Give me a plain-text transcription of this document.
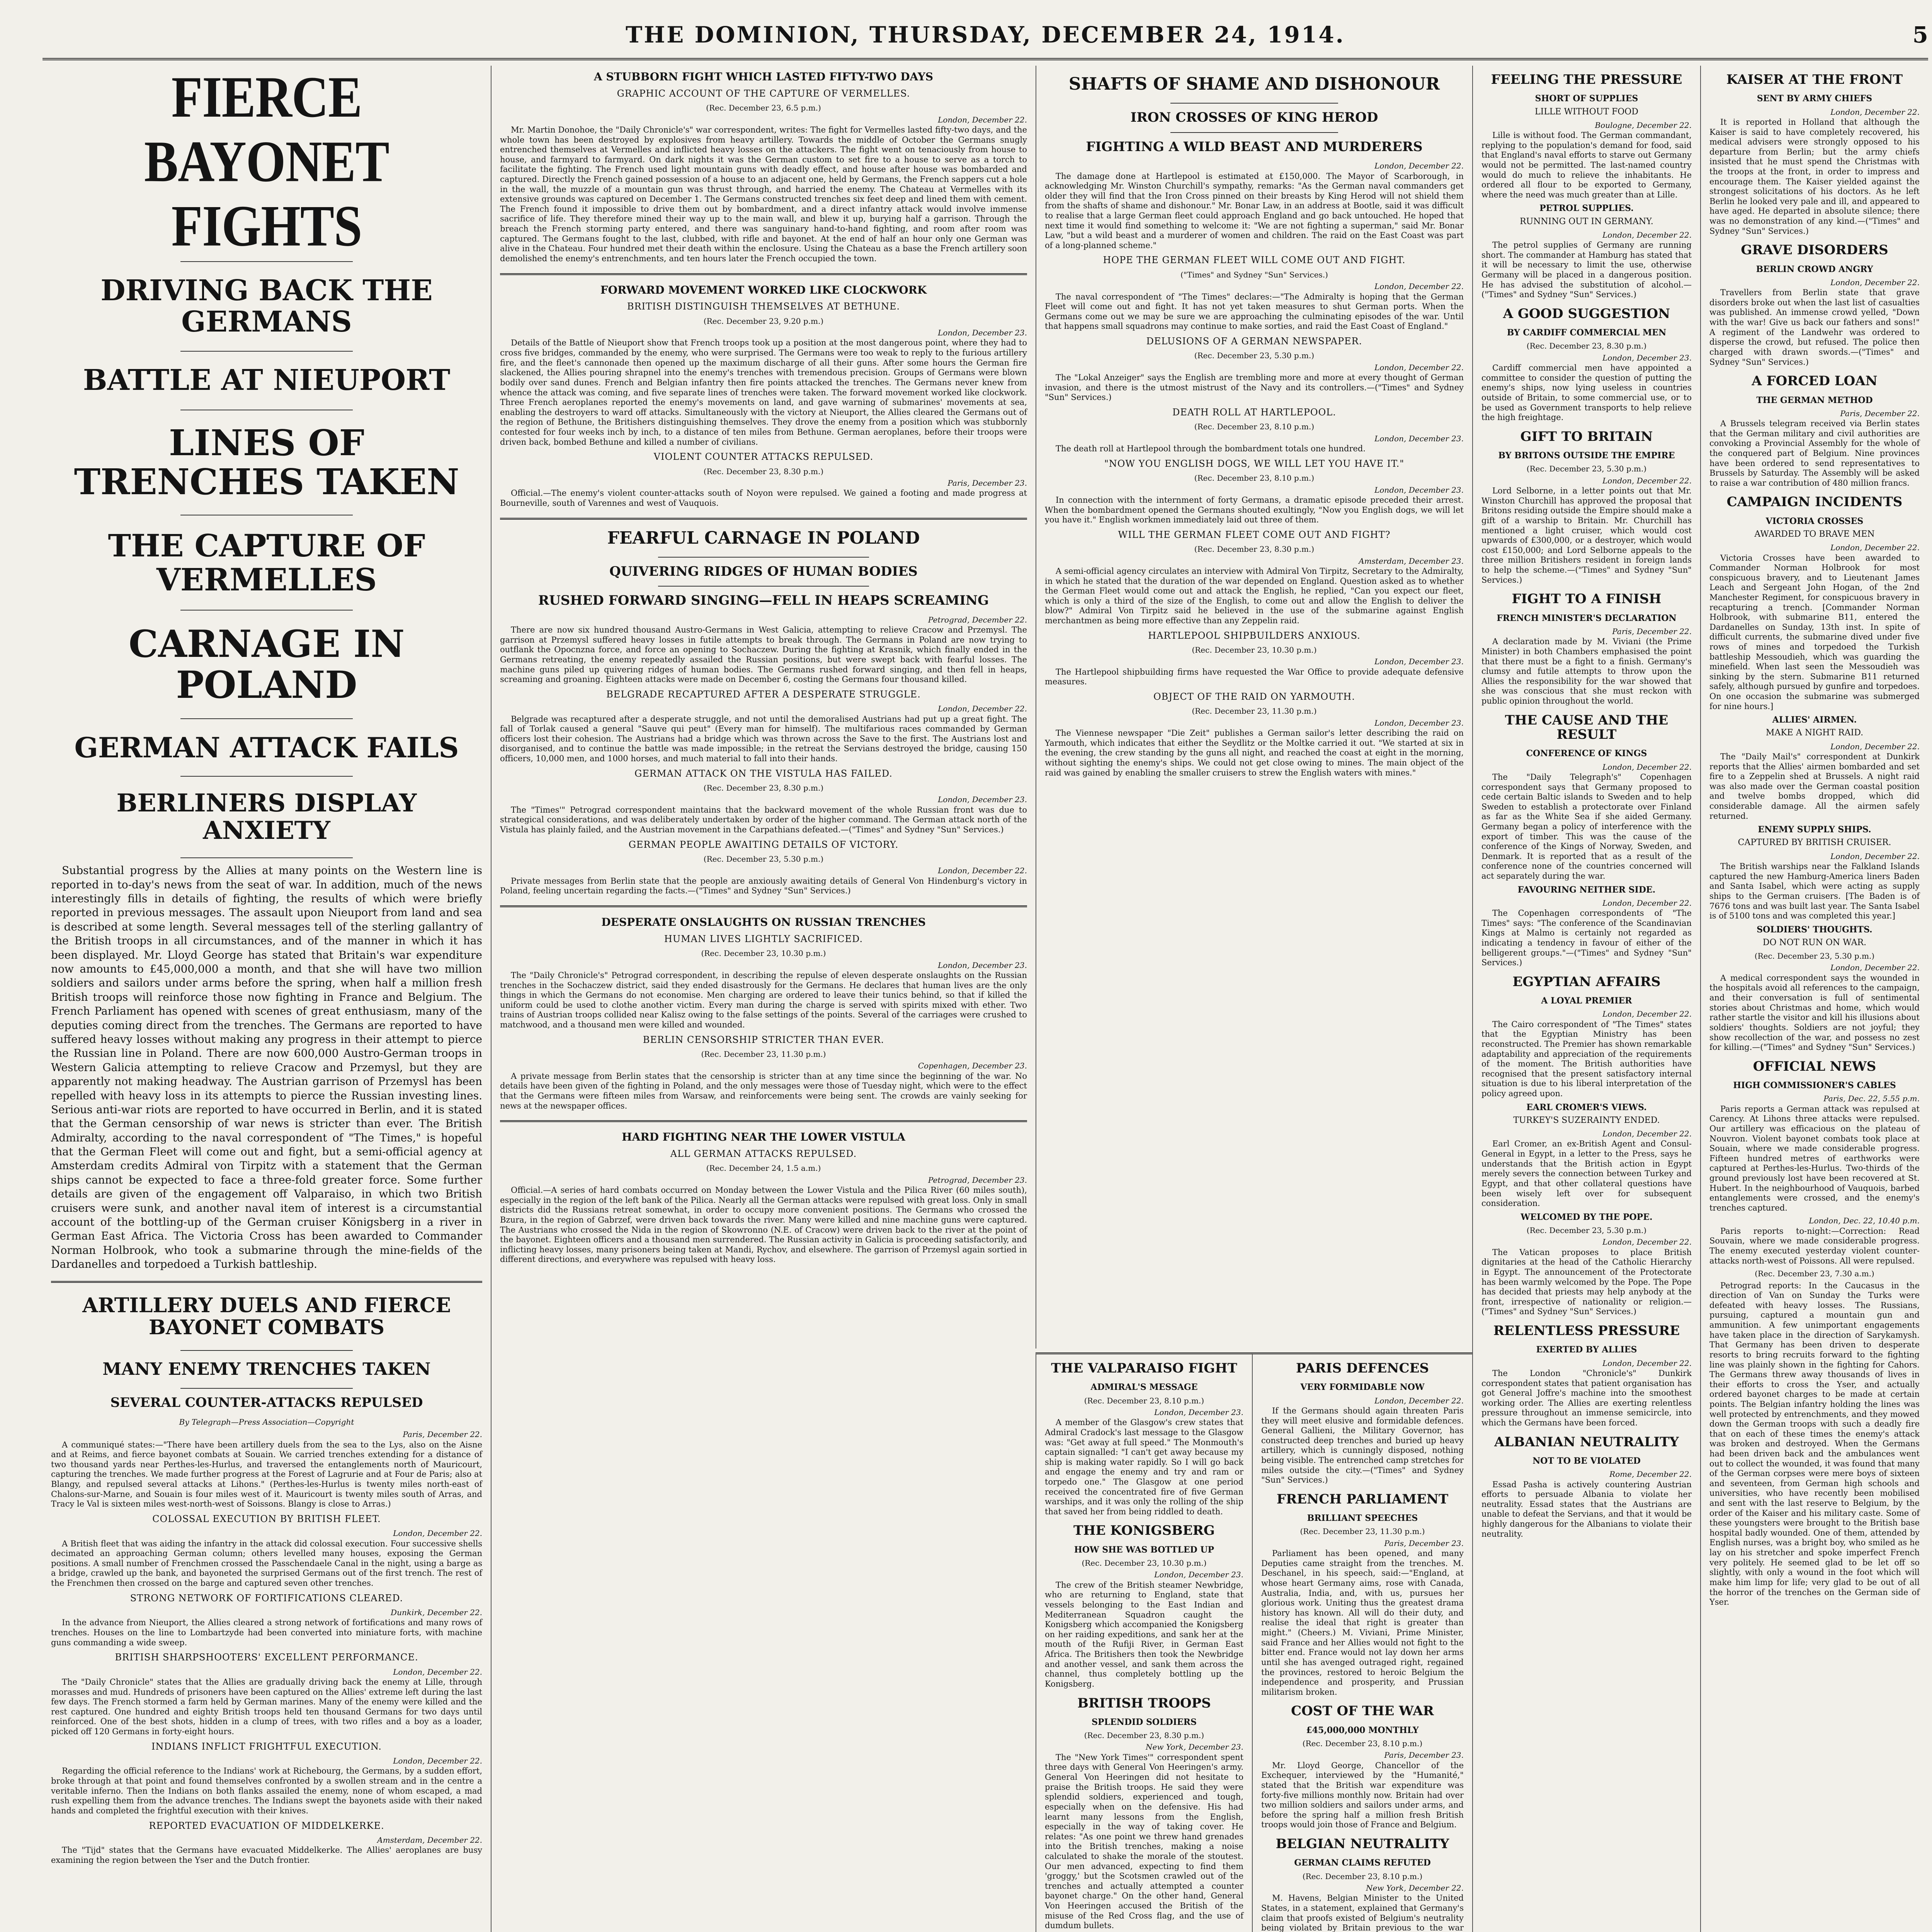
THE DOMINION, THURSDAY, DECEMBER 24, 1914.	5
FIERCE BAYONET FIGHTS
DRIVING BACK THE GERMANS
BATTLE AT NIEUPORT
LINES OF TRENCHES TAKEN
THE CAPTURE OF VERMELLES
CARNAGE IN POLAND
GERMAN ATTACK FAILS
BERLINERS DISPLAY ANXIETY

Substantial progress by the Allies at many points on the Western line is reported in to-day's news from the seat of war. In addition, much of the news interestingly fills in details of fighting, the results of which were briefly reported in previous messages. The assault upon Nieuport from land and sea is described at some length. Several messages tell of the sterling gallantry of the British troops in all circumstances, and of the manner in which it has been displayed. Mr. Lloyd George has stated that Britain's war expenditure now amounts to £45,000,000 a month, and that she will have two million soldiers and sailors under arms before the spring, when half a million fresh British troops will reinforce those now fighting in France and Belgium. The French Parliament has opened with scenes of great enthusiasm, many of the deputies coming direct from the trenches. The Germans are reported to have suffered heavy losses without making any progress in their attempt to pierce the Russian line in Poland. There are now 600,000 Austro-German troops in Western Galicia attempting to relieve Cracow and Przemysl, but they are apparently not making headway. The Austrian garrison of Przemysl has been repelled with heavy loss in its attempts to pierce the Russian investing lines. Serious anti-war riots are reported to have occurred in Berlin, and it is stated that the German censorship of war news is stricter than ever. The British Admiralty, according to the naval correspondent of "The Times," is hopeful that the German Fleet will come out and fight, but a semi-official agency at Amsterdam credits Admiral von Tirpitz with a statement that the German ships cannot be expected to face a three-fold greater force. Some further details are given of the engagement off Valparaiso, in which two British cruisers were sunk, and another naval item of interest is a circumstantial account of the bottling-up of the German cruiser Königsberg in a river in German East Africa. The Victoria Cross has been awarded to Commander Norman Holbrook, who took a submarine through the mine-fields of the Dardanelles and torpedoed a Turkish battleship.

ARTILLERY DUELS AND FIERCE BAYONET COMBATS
MANY ENEMY TRENCHES TAKEN
SEVERAL COUNTER-ATTACKS REPULSED
By Telegraph—Press Association—Copyright
Paris, December 22.

A communiqué states:—"There have been artillery duels from the sea to the Lys, also on the Aisne and at Reims, and fierce bayonet combats at Souain. We carried trenches extending for a distance of two thousand yards near Perthes-les-Hurlus, and traversed the entanglements north of Mauricourt, capturing the trenches. We made further progress at the Forest of Lagrurie and at Four de Paris; also at Blangy, and repulsed several attacks at Lihons." (Perthes-les-Hurlus is twenty miles north-east of Chalons-sur-Marne, and Souain is four miles west of it. Mauricourt is twenty miles south of Arras, and Tracy le Val is sixteen miles west-north-west of Soissons. Blangy is close to Arras.)

COLOSSAL EXECUTION BY BRITISH FLEET.
London, December 22.

A British fleet that was aiding the infantry in the attack did colossal execution. Four successive shells decimated an approaching German column; others levelled many houses, exposing the German positions. A small number of Frenchmen crossed the Passchendaele Canal in the night, using a barge as a bridge, crawled up the bank, and bayoneted the surprised Germans out of the first trench. The rest of the Frenchmen then crossed on the barge and captured seven other trenches.

STRONG NETWORK OF FORTIFICATIONS CLEARED.
Dunkirk, December 22.

In the advance from Nieuport, the Allies cleared a strong network of fortifications and many rows of trenches. Houses on the line to Lombartzyde had been converted into miniature forts, with machine guns commanding a wide sweep.

BRITISH SHARPSHOOTERS' EXCELLENT PERFORMANCE.
London, December 22.

The "Daily Chronicle" states that the Allies are gradually driving back the enemy at Lille, through morasses and mud. Hundreds of prisoners have been captured on the Allies' extreme left during the last few days. The French stormed a farm held by German marines. Many of the enemy were killed and the rest captured. One hundred and eighty British troops held ten thousand Germans for two days until reinforced. One of the best shots, hidden in a clump of trees, with two rifles and a boy as a loader, picked off 120 Germans in forty-eight hours.

INDIANS INFLICT FRIGHTFUL EXECUTION.
London, December 22.

Regarding the official reference to the Indians' work at Richebourg, the Germans, by a sudden effort, broke through at that point and found themselves confronted by a swollen stream and in the centre a veritable inferno. Then the Indians on both flanks assailed the enemy, none of whom escaped, a mad rush expelling them from the advance trenches. The Indians swept the bayonets aside with their naked hands and completed the frightful execution with their knives.

REPORTED EVACUATION OF MIDDELKERKE.
Amsterdam, December 22.

The "Tijd" states that the Germans have evacuated Middelkerke. The Allies' aeroplanes are busy examining the region between the Yser and the Dutch frontier.

A STUBBORN FIGHT WHICH LASTED FIFTY-TWO DAYS
GRAPHIC ACCOUNT OF THE CAPTURE OF VERMELLES.
(Rec. December 23, 6.5 p.m.)
London, December 22.

Mr. Martin Donohoe, the "Daily Chronicle's" war correspondent, writes: The fight for Vermelles lasted fifty-two days, and the whole town has been destroyed by explosives from heavy artillery. Towards the middle of October the Germans snugly entrenched themselves at Vermelles and inflicted heavy losses on the attackers. The fight went on tenaciously from house to house, and farmyard to farmyard. On dark nights it was the German custom to set fire to a house to serve as a torch to facilitate the fighting. The French used light mountain guns with deadly effect, and house after house was bombarded and captured. Directly the French gained possession of a house to an adjacent one, held by Germans, the French sappers cut a hole in the wall, the muzzle of a mountain gun was thrust through, and harried the enemy. The Chateau at Vermelles with its extensive grounds was captured on December 1. The Germans constructed trenches six feet deep and lined them with cement. The French found it impossible to drive them out by bombardment, and a direct infantry attack would involve immense sacrifice of life. They therefore mined their way up to the main wall, and blew it up, burying half a garrison. Through the breach the French storming party entered, and there was sanguinary hand-to-hand fighting, and room after room was captured. The Germans fought to the last, clubbed, with rifle and bayonet. At the end of half an hour only one German was alive in the Chateau. Four hundred met their death within the enclosure. Using the Chateau as a base the French artillery soon demolished the enemy's entrenchments, and ten hours later the French occupied the town.

FORWARD MOVEMENT WORKED LIKE CLOCKWORK
BRITISH DISTINGUISH THEMSELVES AT BETHUNE.
(Rec. December 23, 9.20 p.m.)
London, December 23.

Details of the Battle of Nieuport show that French troops took up a position at the most dangerous point, where they had to cross five bridges, commanded by the enemy, who were surprised. The Germans were too weak to reply to the furious artillery fire, and the fleet's cannonade then opened up the maximum discharge of all their guns. After some hours the German fire slackened, the Allies pouring shrapnel into the enemy's trenches with tremendous precision. Groups of Germans were blown bodily over sand dunes. French and Belgian infantry then fire points attacked the trenches. The Germans never knew from whence the attack was coming, and five separate lines of trenches were taken. The forward movement worked like clockwork. Three French aeroplanes reported the enemy's movements on land, and gave warning of submarines' movements at sea, enabling the destroyers to ward off attacks. Simultaneously with the victory at Nieuport, the Allies cleared the Germans out of the region of Bethune, the Britishers distinguishing themselves. They drove the enemy from a position which was stubbornly contested for four weeks inch by inch, to a distance of ten miles from Bethune. German aeroplanes, before their troops were driven back, bombed Bethune and killed a number of civilians.

VIOLENT COUNTER ATTACKS REPULSED.
(Rec. December 23, 8.30 p.m.)
Paris, December 23.

Official.—The enemy's violent counter-attacks south of Noyon were repulsed. We gained a footing and made progress at Bourneville, south of Varennes and west of Vauquois.

FEARFUL CARNAGE IN POLAND
QUIVERING RIDGES OF HUMAN BODIES
RUSHED FORWARD SINGING—FELL IN HEAPS SCREAMING
Petrograd, December 22.

There are now six hundred thousand Austro-Germans in West Galicia, attempting to relieve Cracow and Przemysl. The garrison at Przemysl suffered heavy losses in futile attempts to break through. The Germans in Poland are now trying to outflank the Opocnzna force, and force an opening to Sochaczew. During the fighting at Krasnik, which finally ended in the Germans retreating, the enemy repeatedly assailed the Russian positions, but were swept back with fearful losses. The machine guns piled up quivering ridges of human bodies. The Germans rushed forward singing, and then fell in heaps, screaming and groaning. Eighteen attacks were made on December 6, costing the Germans four thousand killed.

BELGRADE RECAPTURED AFTER A DESPERATE STRUGGLE.
London, December 22.

Belgrade was recaptured after a desperate struggle, and not until the demoralised Austrians had put up a great fight. The fall of Torlak caused a general "Sauve qui peut" (Every man for himself). The multifarious races commanded by German officers lost their cohesion. The Austrians had a bridge which was thrown across the Save to the first. The Austrians lost and disorganised, and to continue the battle was made impossible; in the retreat the Servians destroyed the bridge, causing 150 officers, 10,000 men, and 1000 horses, and much material to fall into their hands.

GERMAN ATTACK ON THE VISTULA HAS FAILED.
(Rec. December 23, 8.30 p.m.)
London, December 23.

The "Times'" Petrograd correspondent maintains that the backward movement of the whole Russian front was due to strategical considerations, and was deliberately undertaken by order of the higher command. The German attack north of the Vistula has plainly failed, and the Austrian movement in the Carpathians defeated.—("Times" and Sydney "Sun" Services.)

GERMAN PEOPLE AWAITING DETAILS OF VICTORY.
(Rec. December 23, 5.30 p.m.)
London, December 22.

Private messages from Berlin state that the people are anxiously awaiting details of General Von Hindenburg's victory in Poland, feeling uncertain regarding the facts.—("Times" and Sydney "Sun" Services.)

DESPERATE ONSLAUGHTS ON RUSSIAN TRENCHES
HUMAN LIVES LIGHTLY SACRIFICED.
(Rec. December 23, 10.30 p.m.)
London, December 23.

The "Daily Chronicle's" Petrograd correspondent, in describing the repulse of eleven desperate onslaughts on the Russian trenches in the Sochaczew district, said they ended disastrously for the Germans. He declares that human lives are the only things in which the Germans do not economise. Men charging are ordered to leave their tunics behind, so that if killed the uniform could be used to clothe another victim. Every man during the charge is served with spirits mixed with ether. Two trains of Austrian troops collided near Kalisz owing to the false settings of the points. Several of the carriages were crushed to matchwood, and a thousand men were killed and wounded.

BERLIN CENSORSHIP STRICTER THAN EVER.
(Rec. December 23, 11.30 p.m.)
Copenhagen, December 23.

A private message from Berlin states that the censorship is stricter than at any time since the beginning of the war. No details have been given of the fighting in Poland, and the only messages were those of Tuesday night, which were to the effect that the Germans were fifteen miles from Warsaw, and reinforcements were being sent. The crowds are vainly seeking for news at the newspaper offices.

HARD FIGHTING NEAR THE LOWER VISTULA
ALL GERMAN ATTACKS REPULSED.
(Rec. December 24, 1.5 a.m.)
Petrograd, December 23.

Official.—A series of hard combats occurred on Monday between the Lower Vistula and the Pilica River (60 miles south), especially in the region of the left bank of the Pilica. Nearly all the German attacks were repulsed with great loss. Only in small districts did the Russians retreat somewhat, in order to occupy more convenient positions. The Germans who crossed the Bzura, in the region of Gabrzef, were driven back towards the river. Many were killed and nine machine guns were captured. The Austrians who crossed the Nida in the region of Skowronno (N.E. of Cracow) were driven back to the river at the point of the bayonet. Eighteen officers and a thousand men surrendered. The Russian activity in Galicia is proceeding satisfactorily, and inflicting heavy losses, many prisoners being taken at Mandi, Rychov, and elsewhere. The garrison of Przemysl again sortied in different directions, and everywhere was repulsed with heavy loss.

SHAFTS OF SHAME AND DISHONOUR
IRON CROSSES OF KING HEROD
FIGHTING A WILD BEAST AND MURDERERS
London, December 22.

The damage done at Hartlepool is estimated at £150,000. The Mayor of Scarborough, in acknowledging Mr. Winston Churchill's sympathy, remarks: "As the German naval commanders get older they will find that the Iron Cross pinned on their breasts by King Herod will not shield them from the shafts of shame and dishonour." Mr. Bonar Law, in an address at Bootle, said it was difficult to realise that a large German fleet could approach England and go back untouched. He hoped that next time it would find something to welcome it: "We are not fighting a superman," said Mr. Bonar Law, "but a wild beast and a murderer of women and children. The raid on the East Coast was part of a long-planned scheme."

HOPE THE GERMAN FLEET WILL COME OUT AND FIGHT.
("Times" and Sydney "Sun" Services.)
London, December 22.

The naval correspondent of "The Times" declares:—"The Admiralty is hoping that the German Fleet will come out and fight. It has not yet taken measures to shut German ports. When the Germans come out we may be sure we are approaching the culminating episodes of the war. Until that happens small squadrons may continue to make sorties, and raid the East Coast of England."

DELUSIONS OF A GERMAN NEWSPAPER.
(Rec. December 23, 5.30 p.m.)
London, December 22.

The "Lokal Anzeiger" says the English are trembling more and more at every thought of German invasion, and there is the utmost mistrust of the Navy and its controllers.—("Times" and Sydney "Sun" Services.)

DEATH ROLL AT HARTLEPOOL.
(Rec. December 23, 8.10 p.m.)
London, December 23.

The death roll at Hartlepool through the bombardment totals one hundred.

"NOW YOU ENGLISH DOGS, WE WILL LET YOU HAVE IT."
(Rec. December 23, 8.10 p.m.)
London, December 23.

In connection with the internment of forty Germans, a dramatic episode preceded their arrest. When the bombardment opened the Germans shouted exultingly, "Now you English dogs, we will let you have it." English workmen immediately laid out three of them.

WILL THE GERMAN FLEET COME OUT AND FIGHT?
(Rec. December 23, 8.30 p.m.)
Amsterdam, December 23.

A semi-official agency circulates an interview with Admiral Von Tirpitz, Secretary to the Admiralty, in which he stated that the duration of the war depended on England. Question asked as to whether the German Fleet would come out and attack the English, he replied, "Can you expect our fleet, which is only a third of the size of the English, to come out and allow the English to deliver the blow?" Admiral Von Tirpitz said he believed in the use of the submarine against English merchantmen as being more effective than any Zeppelin raid.

HARTLEPOOL SHIPBUILDERS ANXIOUS.
(Rec. December 23, 10.30 p.m.)
London, December 23.

The Hartlepool shipbuilding firms have requested the War Office to provide adequate defensive measures.

OBJECT OF THE RAID ON YARMOUTH.
(Rec. December 23, 11.30 p.m.)
London, December 23.

The Viennese newspaper "Die Zeit" publishes a German sailor's letter describing the raid on Yarmouth, which indicates that either the Seydlitz or the Moltke carried it out. "We started at six in the evening, the crew standing by the guns all night, and reached the coast at eight in the morning, without sighting the enemy's ships. We could not get close owing to mines. The main object of the raid was gained by enabling the smaller cruisers to strew the English waters with mines."

THE VALPARAISO FIGHT
ADMIRAL'S MESSAGE
(Rec. December 23, 8.10 p.m.)
London, December 23.

A member of the Glasgow's crew states that Admiral Cradock's last message to the Glasgow was: "Get away at full speed." The Monmouth's captain signalled: "I can't get away because my ship is making water rapidly. So I will go back and engage the enemy and try and ram or torpedo one." The Glasgow at one period received the concentrated fire of five German warships, and it was only the rolling of the ship that saved her from being riddled to death.

THE KONIGSBERG
HOW SHE WAS BOTTLED UP
(Rec. December 23, 10.30 p.m.)
London, December 23.

The crew of the British steamer Newbridge, who are returning to England, state that vessels belonging to the East Indian and Mediterranean Squadron caught the Konigsberg which accompanied the Konigsberg on her raiding expeditions, and sank her at the mouth of the Rufiji River, in German East Africa. The Britishers then took the Newbridge and another vessel, and sank them across the channel, thus completely bottling up the Konigsberg.

BRITISH TROOPS
SPLENDID SOLDIERS
(Rec. December 23, 8.30 p.m.)
New York, December 23.

The "New York Times'" correspondent spent three days with General Von Heeringen's army. General Von Heeringen did not hesitate to praise the British troops. He said they were splendid soldiers, experienced and tough, especially when on the defensive. His had learnt many lessons from the English, especially in the way of taking cover. He relates: "As one point we threw hand grenades into the British trenches, making a noise calculated to shake the morale of the stoutest. Our men advanced, expecting to find them 'groggy,' but the Scotsmen crawled out of the trenches and actually attempted a counter bayonet charge." On the other hand, General Von Heeringen accused the British of the misuse of the Red Cross flag, and the use of dumdum bullets.

PARIS DEFENCES
VERY FORMIDABLE NOW
London, December 22.

If the Germans should again threaten Paris they will meet elusive and formidable defences. General Gallieni, the Military Governor, has constructed deep trenches and buried up heavy artillery, which is cunningly disposed, nothing being visible. The entrenched camp stretches for miles outside the city.—("Times" and Sydney "Sun" Services.)

FRENCH PARLIAMENT
BRILLIANT SPEECHES
(Rec. December 23, 11.30 p.m.)
Paris, December 23.

Parliament has been opened, and many Deputies came straight from the trenches. M. Deschanel, in his speech, said:—"England, at whose heart Germany aims, rose with Canada, Australia, India, and, with us, pursues her glorious work. Uniting thus the greatest drama history has known. All will do their duty, and realise the ideal that right is greater than might." (Cheers.) M. Viviani, Prime Minister, said France and her Allies would not fight to the bitter end. France would not lay down her arms until she has avenged outraged right, regained the provinces, restored to heroic Belgium the independence and prosperity, and Prussian militarism broken.

COST OF THE WAR
£45,000,000 MONTHLY
(Rec. December 23, 8.10 p.m.)
Paris, December 23.

Mr. Lloyd George, Chancellor of the Exchequer, interviewed by the "Humanité," stated that the British war expenditure was forty-five millions monthly now. Britain had over two million soldiers and sailors under arms, and before the spring half a million fresh British troops would join those of France and Belgium.

BELGIAN NEUTRALITY
GERMAN CLAIMS REFUTED
(Rec. December 23, 8.10 p.m.)
New York, December 22.

M. Havens, Belgian Minister to the United States, in a statement, explained that Germany's claim that proofs existed of Belgium's neutrality being violated by Britain previous to the war

FEELING THE PRESSURE
SHORT OF SUPPLIES
LILLE WITHOUT FOOD
Boulogne, December 22.

Lille is without food. The German commandant, replying to the population's demand for food, said that England's naval efforts to starve out Germany would not be permitted. The last-named country would do much to relieve the inhabitants. He ordered all flour to be exported to Germany, where the need was much greater than at Lille.

PETROL SUPPLIES.
RUNNING OUT IN GERMANY.
London, December 22.

The petrol supplies of Germany are running short. The commander at Hamburg has stated that it will be necessary to limit the use, otherwise Germany will be placed in a dangerous position. He has advised the substitution of alcohol.—("Times" and Sydney "Sun" Services.)

A GOOD SUGGESTION
BY CARDIFF COMMERCIAL MEN
(Rec. December 23, 8.30 p.m.)
London, December 23.

Cardiff commercial men have appointed a committee to consider the question of putting the enemy's ships, now lying useless in countries outside of Britain, to some commercial use, or to be used as Government transports to help relieve the high freightage.

GIFT TO BRITAIN
BY BRITONS OUTSIDE THE EMPIRE
(Rec. December 23, 5.30 p.m.)
London, December 22.

Lord Selborne, in a letter points out that Mr. Winston Churchill has approved the proposal that Britons residing outside the Empire should make a gift of a warship to Britain. Mr. Churchill has mentioned a light cruiser, which would cost upwards of £300,000, or a destroyer, which would cost £150,000; and Lord Selborne appeals to the three million Britishers resident in foreign lands to help the scheme.—("Times" and Sydney "Sun" Services.)

FIGHT TO A FINISH
FRENCH MINISTER'S DECLARATION
Paris, December 22.

A declaration made by M. Viviani (the Prime Minister) in both Chambers emphasised the point that there must be a fight to a finish. Germany's clumsy and futile attempts to throw upon the Allies the responsibility for the war showed that she was conscious that she must reckon with public opinion throughout the world.

THE CAUSE AND THE RESULT
CONFERENCE OF KINGS
London, December 22.

The "Daily Telegraph's" Copenhagen correspondent says that Germany proposed to cede certain Baltic islands to Sweden and to help Sweden to establish a protectorate over Finland as far as the White Sea if she aided Germany. Germany began a policy of interference with the export of timber. This was the cause of the conference of the Kings of Norway, Sweden, and Denmark. It is reported that as a result of the conference none of the countries concerned will act separately during the war.

FAVOURING NEITHER SIDE.
London, December 22.

The Copenhagen correspondents of "The Times" says: "The conference of the Scandinavian Kings at Malmo is certainly not regarded as indicating a tendency in favour of either of the belligerent groups."—("Times" and Sydney "Sun" Services.)

EGYPTIAN AFFAIRS
A LOYAL PREMIER
London, December 22.

The Cairo correspondent of "The Times" states that the Egyptian Ministry has been reconstructed. The Premier has shown remarkable adaptability and appreciation of the requirements of the moment. The British authorities have recognised that the present satisfactory internal situation is due to his liberal interpretation of the policy agreed upon.

EARL CROMER'S VIEWS.
TURKEY'S SUZERAINTY ENDED.
London, December 22.

Earl Cromer, an ex-British Agent and Consul-General in Egypt, in a letter to the Press, says he understands that the British action in Egypt merely severs the connection between Turkey and Egypt, and that other collateral questions have been wisely left over for subsequent consideration.

WELCOMED BY THE POPE.
(Rec. December 23, 5.30 p.m.)
London, December 22.

The Vatican proposes to place British dignitaries at the head of the Catholic Hierarchy in Egypt. The announcement of the Protectorate has been warmly welcomed by the Pope. The Pope has decided that priests may help anybody at the front, irrespective of nationality or religion.—("Times" and Sydney "Sun" Services.)

RELENTLESS PRESSURE
EXERTED BY ALLIES
London, December 22.

The London "Chronicle's" Dunkirk correspondent states that patient organisation has got General Joffre's machine into the smoothest working order. The Allies are exerting relentless pressure throughout an immense semicircle, into which the Germans have been forced.

ALBANIAN NEUTRALITY
NOT TO BE VIOLATED
Rome, December 22.

Essad Pasha is actively countering Austrian efforts to persuade Albania to violate her neutrality. Essad states that the Austrians are unable to defeat the Servians, and that it would be highly dangerous for the Albanians to violate their neutrality.

KAISER AT THE FRONT
SENT BY ARMY CHIEFS
London, December 22.

It is reported in Holland that although the Kaiser is said to have completely recovered, his medical advisers were strongly opposed to his departure from Berlin; but the army chiefs insisted that he must spend the Christmas with the troops at the front, in order to impress and encourage them. The Kaiser yielded against the strongest solicitations of his doctors. As he left Berlin he looked very pale and ill, and appeared to have aged. He departed in absolute silence; there was no demonstration of any kind.—("Times" and Sydney "Sun" Services.)

GRAVE DISORDERS
BERLIN CROWD ANGRY
London, December 22.

Travellers from Berlin state that grave disorders broke out when the last list of casualties was published. An immense crowd yelled, "Down with the war! Give us back our fathers and sons!" A regiment of the Landwehr was ordered to disperse the crowd, but refused. The police then charged with drawn swords.—("Times" and Sydney "Sun" Services.)

A FORCED LOAN
THE GERMAN METHOD
Paris, December 22.

A Brussels telegram received via Berlin states that the German military and civil authorities are convoking a Provincial Assembly for the whole of the conquered part of Belgium. Nine provinces have been ordered to send representatives to Brussels by Saturday. The Assembly will be asked to raise a war contribution of 480 million francs.

CAMPAIGN INCIDENTS
VICTORIA CROSSES
AWARDED TO BRAVE MEN
London, December 22.

Victoria Crosses have been awarded to Commander Norman Holbrook for most conspicuous bravery, and to Lieutenant James Leach and Sergeant John Hogan, of the 2nd Manchester Regiment, for conspicuous bravery in recapturing a trench. [Commander Norman Holbrook, with submarine B11, entered the Dardanelles on Sunday, 13th inst. In spite of difficult currents, the submarine dived under five rows of mines and torpedoed the Turkish battleship Messoudieh, which was guarding the minefield. When last seen the Messoudieh was sinking by the stern. Submarine B11 returned safely, although pursued by gunfire and torpedoes. On one occasion the submarine was submerged for nine hours.]

ALLIES' AIRMEN.
MAKE A NIGHT RAID.
London, December 22.

The "Daily Mail's" correspondent at Dunkirk reports that the Allies' airmen bombarded and set fire to a Zeppelin shed at Brussels. A night raid was also made over the German coastal position and twelve bombs dropped, which did considerable damage. All the airmen safely returned.

ENEMY SUPPLY SHIPS.
CAPTURED BY BRITISH CRUISER.
London, December 22.

The British warships near the Falkland Islands captured the new Hamburg-America liners Baden and Santa Isabel, which were acting as supply ships to the German cruisers. [The Baden is of 7676 tons and was built last year. The Santa Isabel is of 5100 tons and was completed this year.]

SOLDIERS' THOUGHTS.
DO NOT RUN ON WAR.
(Rec. December 23, 5.30 p.m.)
London, December 22.

A medical correspondent says the wounded in the hospitals avoid all references to the campaign, and their conversation is full of sentimental stories about Christmas and home, which would rather startle the visitor and kill his illusions about soldiers' thoughts. Soldiers are not joyful; they show recollection of the war, and possess no zest for killing.—("Times" and Sydney "Sun" Services.)

OFFICIAL NEWS
HIGH COMMISSIONER'S CABLES
Paris, Dec. 22, 5.55 p.m.

Paris reports a German attack was repulsed at Carency. At Lihons three attacks were repulsed. Our artillery was efficacious on the plateau of Nouvron. Violent bayonet combats took place at Souain, where we made considerable progress. Fifteen hundred metres of earthworks were captured at Perthes-les-Hurlus. Two-thirds of the ground previously lost have been recovered at St. Hubert. In the neighbourhood of Vauquois, barbed entanglements were crossed, and the enemy's trenches captured.

London, Dec. 22, 10.40 p.m.

Paris reports to-night:—Correction: Read Souvain, where we made considerable progress. The enemy executed yesterday violent counter-attacks north-west of Poissons. All were repulsed.

(Rec. December 23, 7.30 a.m.)

Petrograd reports: In the Caucasus in the direction of Van on Sunday the Turks were defeated with heavy losses. The Russians, pursuing, captured a mountain gun and ammunition. A few unimportant engagements have taken place in the direction of Sarykamysh. That Germany has been driven to desperate resorts to bring recruits forward to the fighting line was plainly shown in the fighting for Cahors. The Germans threw away thousands of lives in their efforts to cross the Yser, and actually ordered bayonet charges to be made at certain points. The Belgian infantry holding the lines was well protected by entrenchments, and they mowed down the German troops with such a deadly fire that on each of these times the enemy's attack was broken and destroyed. When the Germans had been driven back and the ambulances went out to collect the wounded, it was found that many of the German corpses were mere boys of sixteen and seventeen, from German high schools and universities, who have recently been mobilised and sent with the last reserve to Belgium, by the order of the Kaiser and his military caste. Some of these youngsters were brought to the British base hospital badly wounded. One of them, attended by English nurses, was a bright boy, who smiled as he lay on his stretcher and spoke imperfect French very politely. He seemed glad to be let off so slightly, with only a wound in the foot which will make him limp for life; very glad to be out of all the horror of the trenches on the German side of Yser.
